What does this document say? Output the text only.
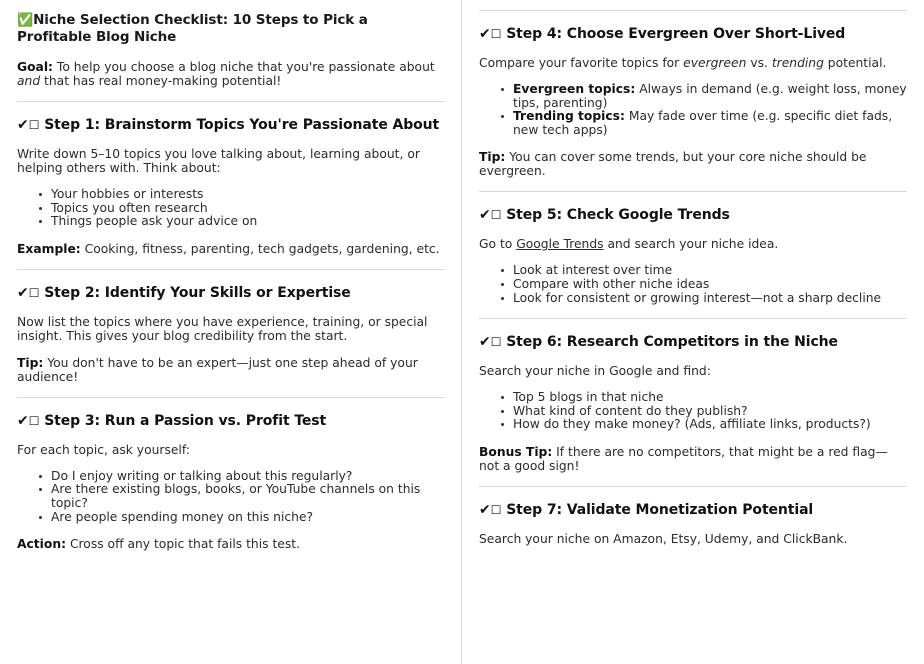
✅Niche Selection Checklist: 10 Steps to Pick a Profitable Blog Niche

Goal: To help you choose a blog niche that you're passionate about and that has real money-making potential!

✔☐ Step 1: Brainstorm Topics You're Passionate About

Write down 5–10 topics you love talking about, learning about, or helping others with. Think about:

Your hobbies or interests
Topics you often research
Things people ask your advice on

Example: Cooking, fitness, parenting, tech gadgets, gardening, etc.

✔☐ Step 2: Identify Your Skills or Expertise

Now list the topics where you have experience, training, or special insight. This gives your blog credibility from the start.

Tip: You don't have to be an expert—just one step ahead of your audience!

✔☐ Step 3: Run a Passion vs. Profit Test

For each topic, ask yourself:

Do I enjoy writing or talking about this regularly?
Are there existing blogs, books, or YouTube channels on this topic?
Are people spending money on this niche?

Action: Cross off any topic that fails this test.

✔☐ Step 4: Choose Evergreen Over Short-Lived

Compare your favorite topics for evergreen vs. trending potential.

Evergreen topics: Always in demand (e.g. weight loss, money tips, parenting)
Trending topics: May fade over time (e.g. specific diet fads, new tech apps)

Tip: You can cover some trends, but your core niche should be evergreen.

✔☐ Step 5: Check Google Trends

Go to Google Trends and search your niche idea.

Look at interest over time
Compare with other niche ideas
Look for consistent or growing interest—not a sharp decline
✔☐ Step 6: Research Competitors in the Niche

Search your niche in Google and find:

Top 5 blogs in that niche
What kind of content do they publish?
How do they make money? (Ads, affiliate links, products?)

Bonus Tip: If there are no competitors, that might be a red flag—not a good sign!

✔☐ Step 7: Validate Monetization Potential

Search your niche on Amazon, Etsy, Udemy, and ClickBank.
